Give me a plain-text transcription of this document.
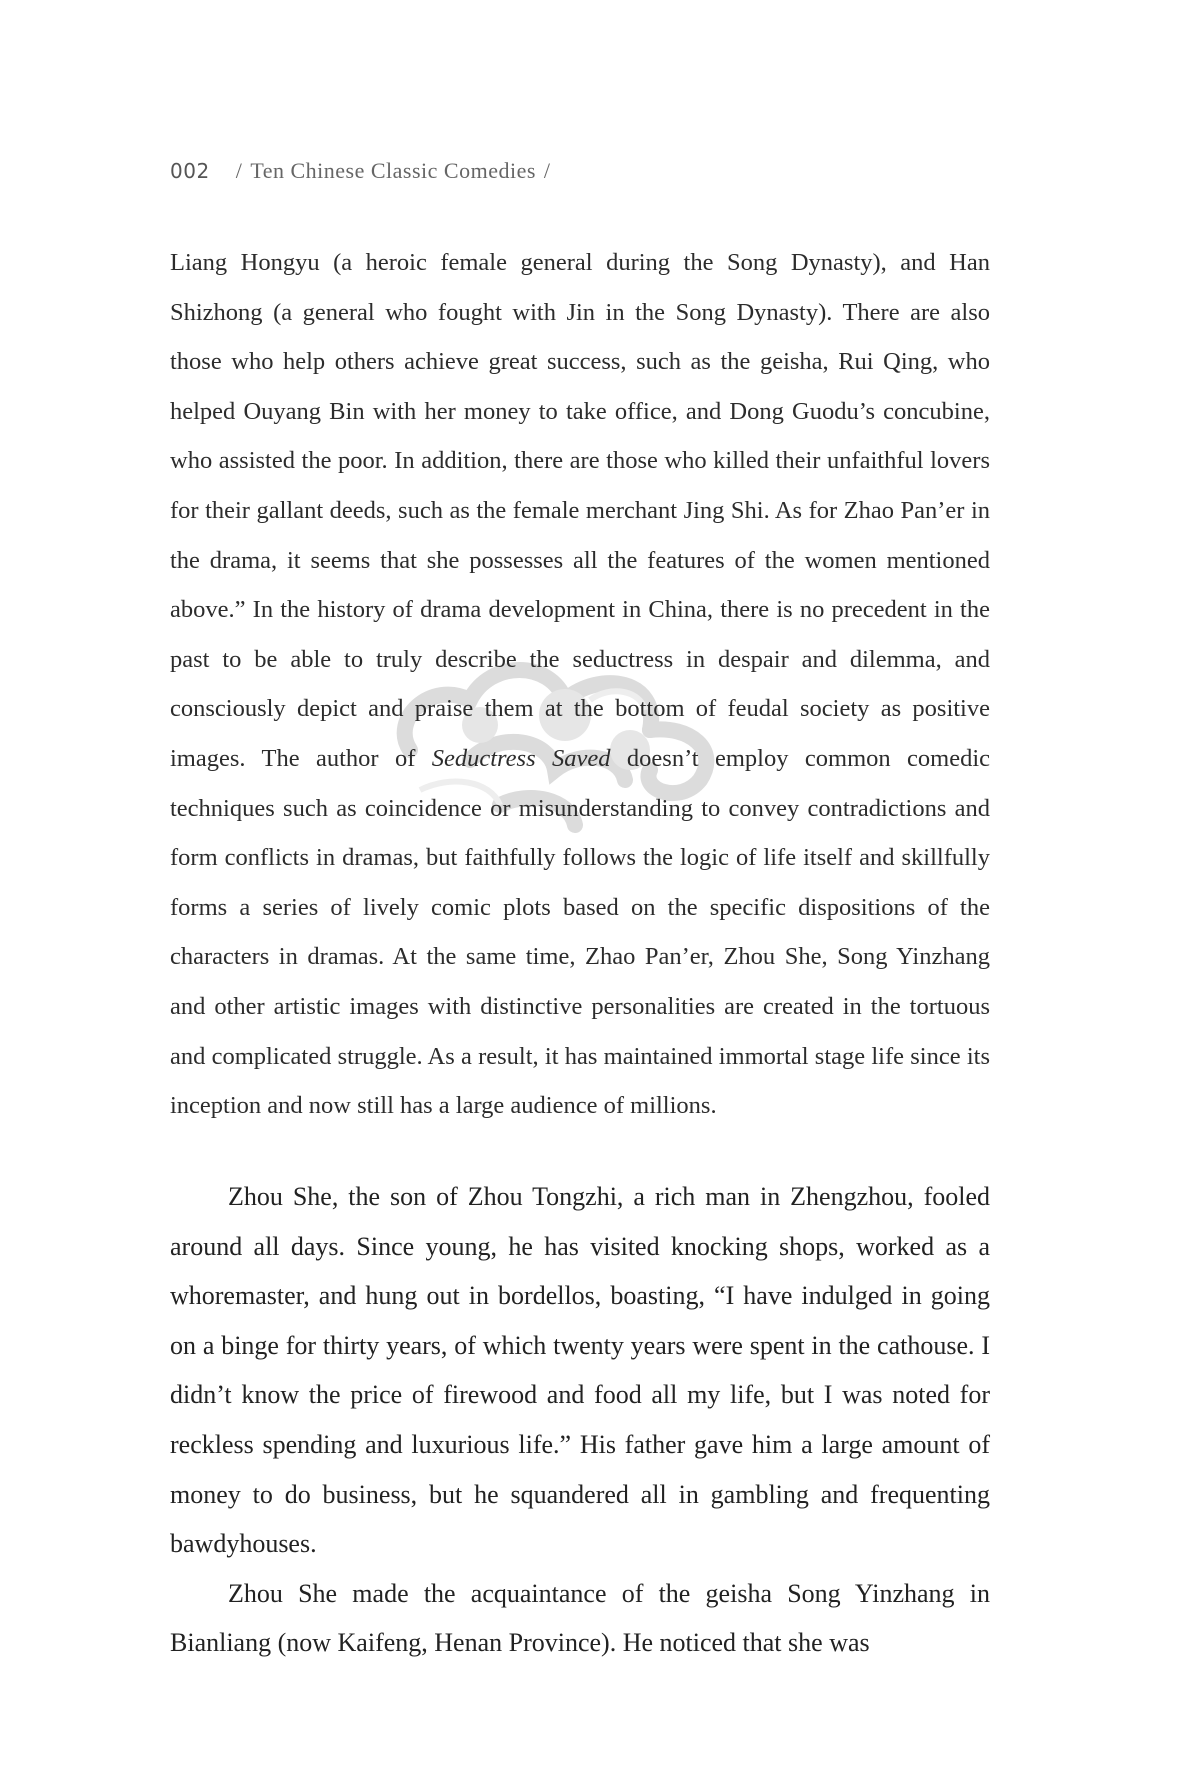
002 / Ten Chinese Classic Comedies /

Liang Hongyu (a heroic female general during the Song Dynasty), and Han Shizhong (a general who fought with Jin in the Song Dynasty). There are also those who help others achieve great success, such as the geisha, Rui Qing, who helped Ouyang Bin with her money to take office, and Dong Guodu’s concubine, who assisted the poor. In addition, there are those who killed their unfaithful lovers for their gallant deeds, such as the female merchant Jing Shi. As for Zhao Pan’er in the drama, it seems that she possesses all the features of the women mentioned above.” In the history of drama development in China, there is no precedent in the past to be able to truly describe the seductress in despair and dilemma, and consciously depict and praise them at the bottom of feudal society as positive images. The author of Seductress Saved doesn’t employ common comedic techniques such as coincidence or misunderstanding to convey contradictions and form conflicts in dramas, but faithfully follows the logic of life itself and skillfully forms a series of lively comic plots based on the specific dispositions of the characters in dramas. At the same time, Zhao Pan’er, Zhou She, Song Yinzhang and other artistic images with distinctive personalities are created in the tortuous and complicated struggle. As a result, it has maintained immortal stage life since its inception and now still has a large audience of millions.

Zhou She, the son of Zhou Tongzhi, a rich man in Zhengzhou, fooled around all days. Since young, he has visited knocking shops, worked as a whoremaster, and hung out in bordellos, boasting, “I have indulged in going on a binge for thirty years, of which twenty years were spent in the cathouse. I didn’t know the price of firewood and food all my life, but I was noted for reckless spending and luxurious life.” His father gave him a large amount of money to do business, but he squandered all in gambling and frequenting bawdyhouses.

Zhou She made the acquaintance of the geisha Song Yinzhang in Bianliang (now Kaifeng, Henan Province). He noticed that she was
